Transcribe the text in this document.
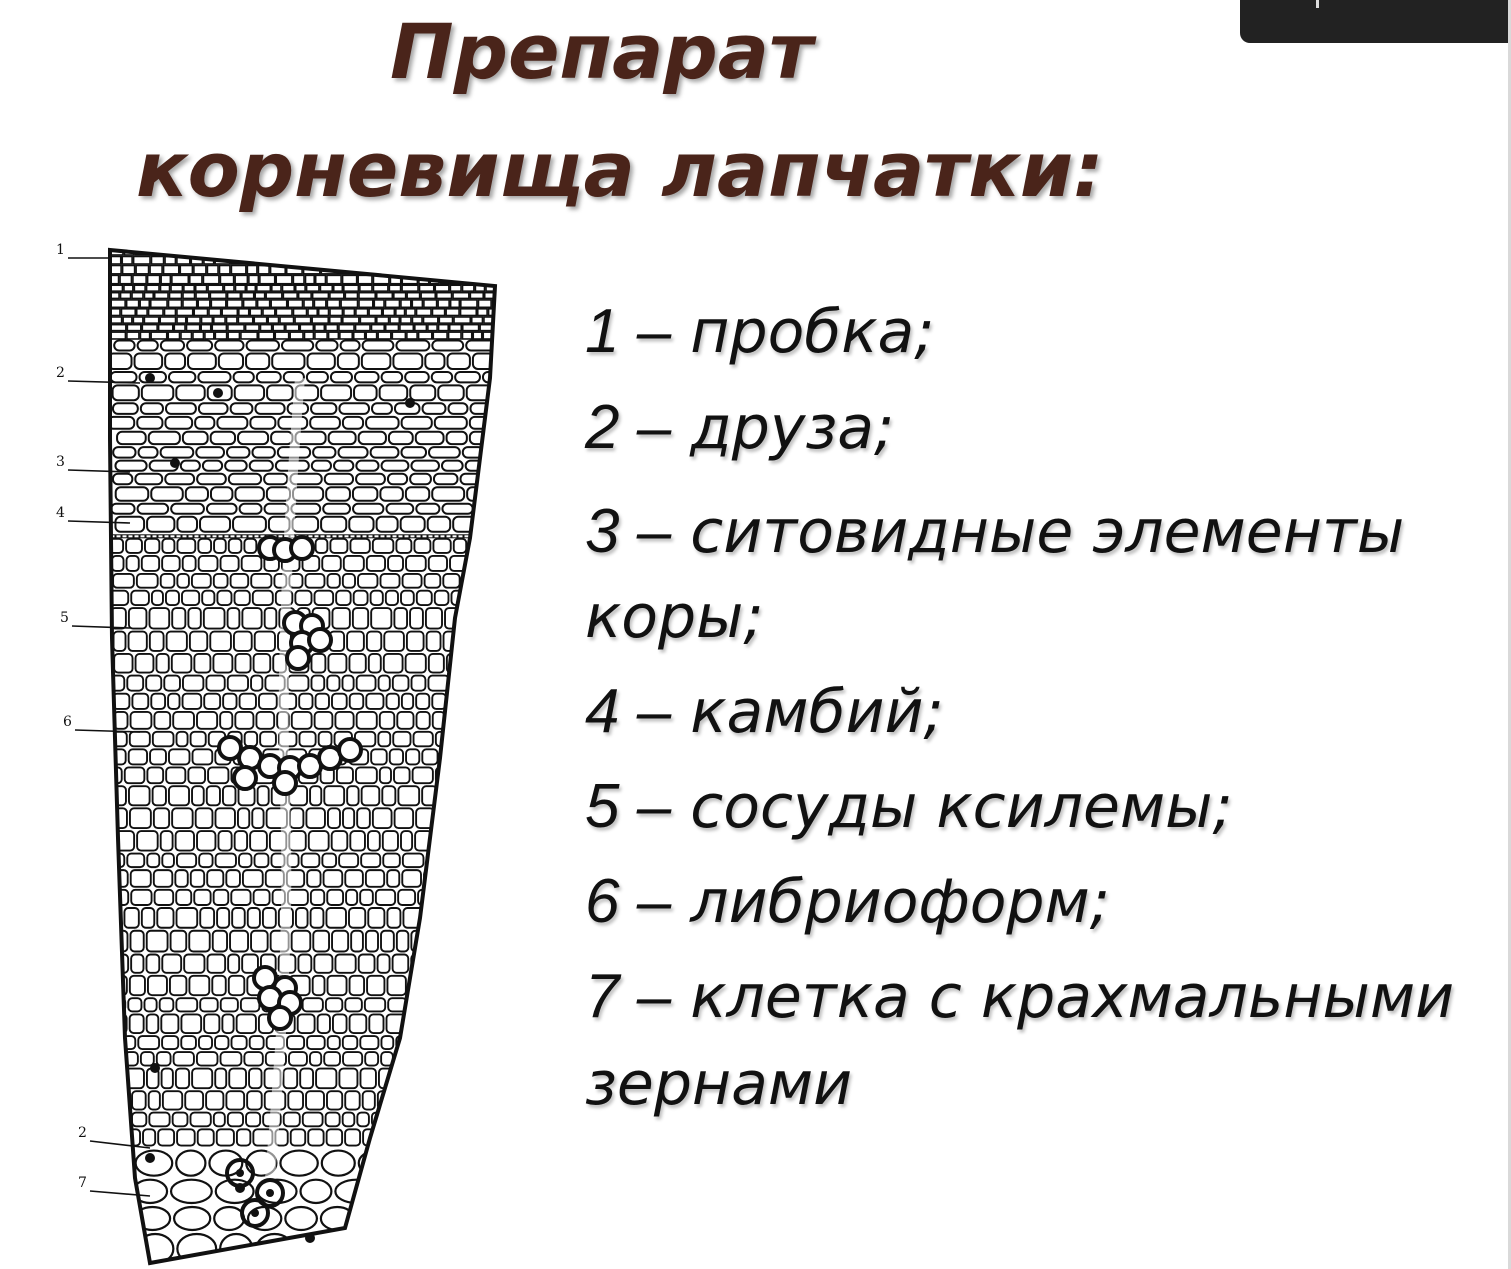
Препарат
корневища лапчатки:
1
2
3
4
5
6
2
7
1 – пробка;
2 – друза;
3 – ситовидные элементы
коры;
4 – камбий;
5 – сосуды ксилемы;
6 – либриоформ;
7 – клетка с крахмальными
зернами
